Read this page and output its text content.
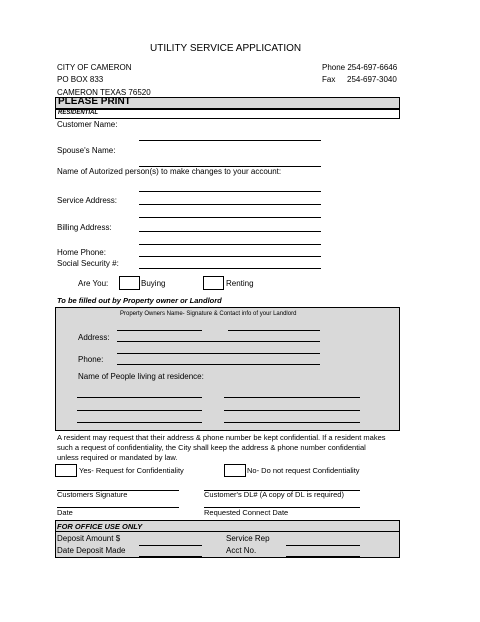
UTILITY SERVICE APPLICATION
CITY OF CAMERON
PO BOX 833
CAMERON TEXAS 76520
Phone 254-697-6646
Fax 254-697-3040
PLEASE PRINT
RESIDENTIAL
Customer Name:
Spouse's Name:
Name of Autorized person(s) to make changes to your account:
Service Address:
Billing Address:
Home Phone:
Social Security #:
Are You:	Buying	Renting
To be filled out by Property owner or Landlord
Property Owners Name- Signature & Contact info of your Landlord
Address:
Phone:
Name of People living at residence:
A resident may request that their address & phone number be kept confidential. If a resident makes such a request of confidentiality, the City shall keep the address & phone number confidential unless required or mandated by law.
Yes- Request for Confidentiality	No- Do not request Confidentiality
Customers Signature	Customer's DL# (A copy of DL is required)
Date	Requested Connect Date
FOR OFFICE USE ONLY
Deposit Amount $	Service Rep
Date Deposit Made	Acct No.
